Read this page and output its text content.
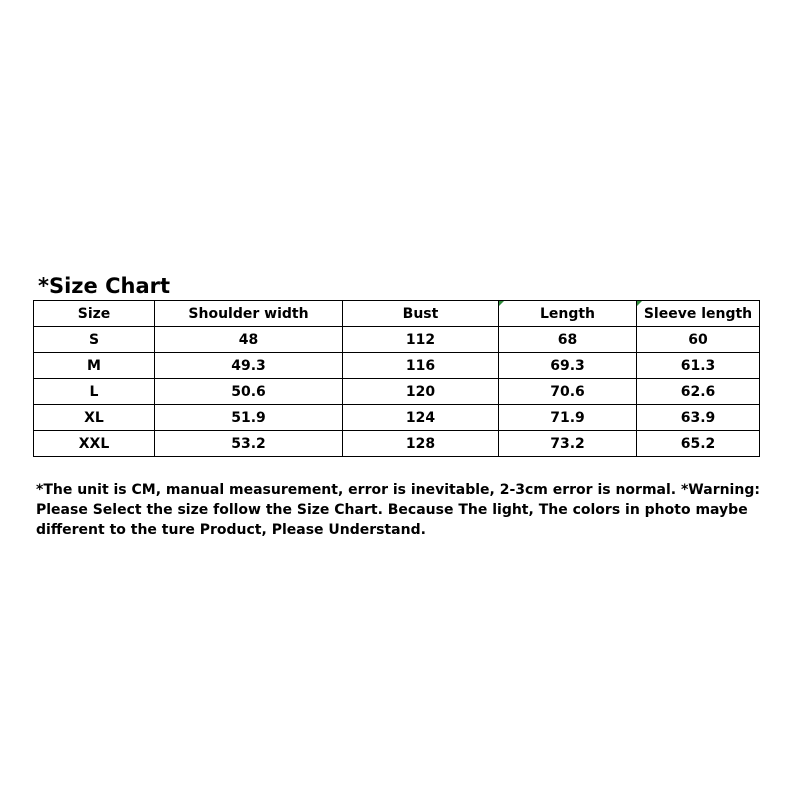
*Size Chart
Size	Shoulder width	Bust	Length	Sleeve length
S	48	112	68	60
M	49.3	116	69.3	61.3
L	50.6	120	70.6	62.6
XL	51.9	124	71.9	63.9
XXL	53.2	128	73.2	65.2

*The unit is CM, manual measurement, error is inevitable, 2-3cm error is normal. *Warning:

Please Select the size follow the Size Chart. Because The light, The colors in photo maybe

different to the ture Product, Please Understand.
